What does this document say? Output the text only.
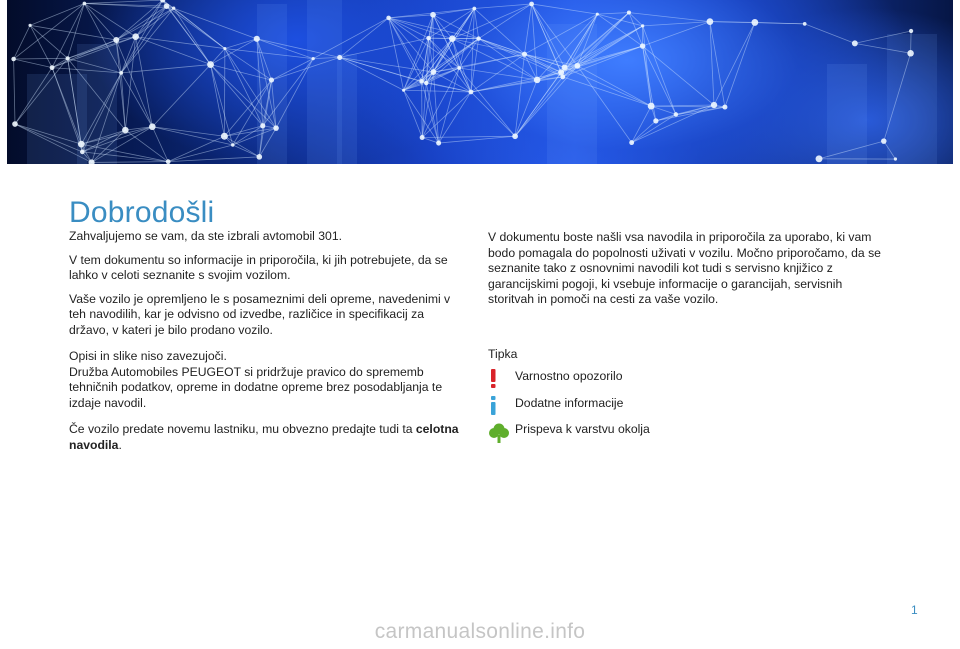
Dobrodošli

Zahvaljujemo se vam, da ste izbrali avtomobil 301.

V tem dokumentu so informacije in priporočila, ki jih potrebujete, da se lahko v celoti seznanite s svojim vozilom.

Vaše vozilo je opremljeno le s posameznimi deli opreme, navedenimi v teh navodilih, kar je odvisno od izvedbe, različice in specifikacij za državo, v kateri je bilo prodano vozilo.

Opisi in slike niso zavezujoči.
Družba Automobiles PEUGEOT si pridržuje pravico do sprememb tehničnih podatkov, opreme in dodatne opreme brez posodabljanja te izdaje navodil.

Če vozilo predate novemu lastniku, mu obvezno predajte tudi ta celotna navodila.

V dokumentu boste našli vsa navodila in priporočila za uporabo, ki vam bodo pomagala do popolnosti uživati v vozilu. Močno priporočamo, da se seznanite tako z osnovnimi navodili kot tudi s servisno knjižico z garancijskimi pogoji, ki vsebuje informacije o garancijah, servisnih storitvah in pomoči na cesti za vaše vozilo.

Tipka
Varnostno opozorilo
Dodatne informacije
Prispeva k varstvu okolja
1
carmanualsonline.info
